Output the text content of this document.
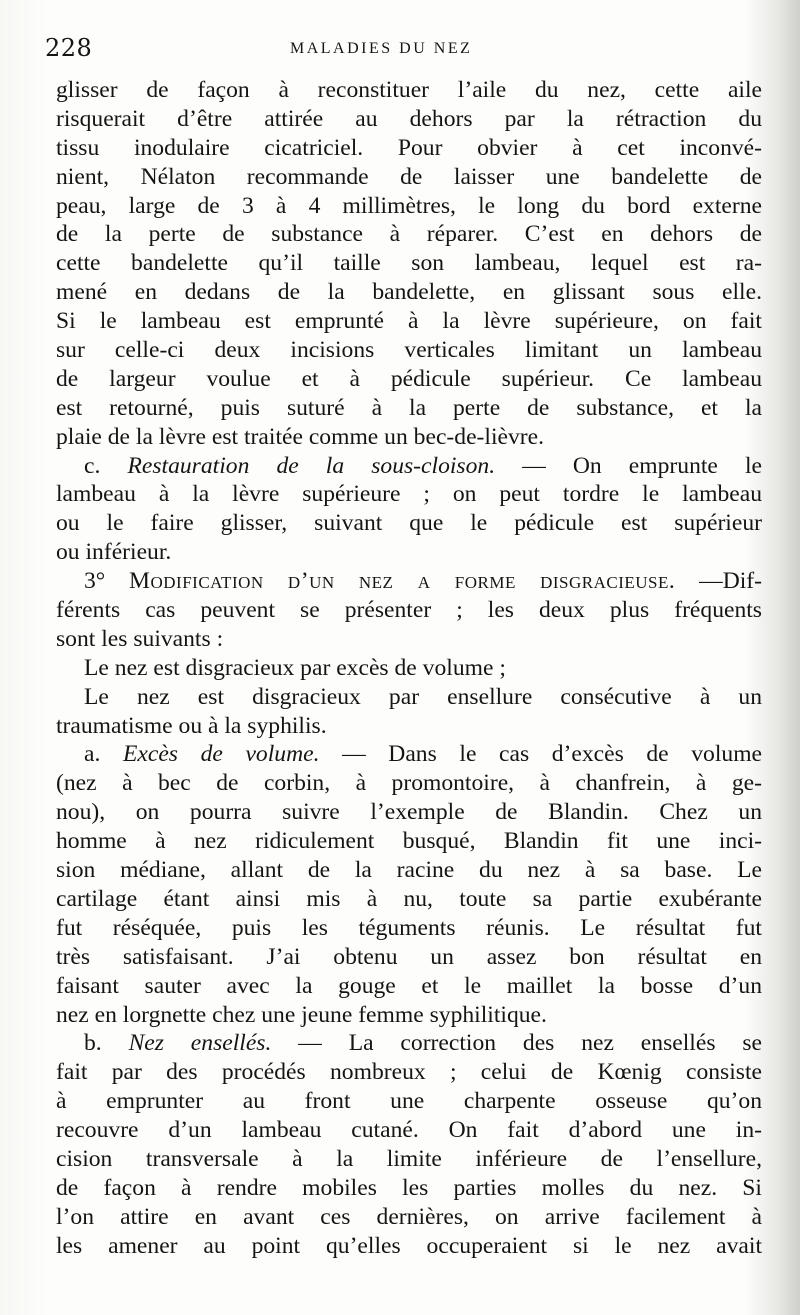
228	MALADIES DU NEZ
glisser de façon à reconstituer l’aile du nez, cette aile
risquerait d’être attirée au dehors par la rétraction du
tissu inodulaire cicatriciel. Pour obvier à cet inconvé-
nient, Nélaton recommande de laisser une bandelette de
peau, large de 3 à 4 millimètres, le long du bord externe
de la perte de substance à réparer. C’est en dehors de
cette bandelette qu’il taille son lambeau, lequel est ra-
mené en dedans de la bandelette, en glissant sous elle.
Si le lambeau est emprunté à la lèvre supérieure, on fait
sur celle-ci deux incisions verticales limitant un lambeau
de largeur voulue et à pédicule supérieur. Ce lambeau
est retourné, puis suturé à la perte de substance, et la
plaie de la lèvre est traitée comme un bec-de-lièvre.
c. Restauration de la sous-cloison. — On emprunte le
lambeau à la lèvre supérieure ; on peut tordre le lambeau
ou le faire glisser, suivant que le pédicule est supérieur
ou inférieur.
3° Modification d’un nez a forme disgracieuse. —Dif-
férents cas peuvent se présenter ; les deux plus fréquents
sont les suivants :
Le nez est disgracieux par excès de volume ;
Le nez est disgracieux par ensellure consécutive à un
traumatisme ou à la syphilis.
a. Excès de volume. — Dans le cas d’excès de volume
(nez à bec de corbin, à promontoire, à chanfrein, à ge-
nou), on pourra suivre l’exemple de Blandin. Chez un
homme à nez ridiculement busqué, Blandin fit une inci-
sion médiane, allant de la racine du nez à sa base. Le
cartilage étant ainsi mis à nu, toute sa partie exubérante
fut réséquée, puis les téguments réunis. Le résultat fut
très satisfaisant. J’ai obtenu un assez bon résultat en
faisant sauter avec la gouge et le maillet la bosse d’un
nez en lorgnette chez une jeune femme syphilitique.
b. Nez ensellés. — La correction des nez ensellés se
fait par des procédés nombreux ; celui de Kœnig consiste
à emprunter au front une charpente osseuse qu’on
recouvre d’un lambeau cutané. On fait d’abord une in-
cision transversale à la limite inférieure de l’ensellure,
de façon à rendre mobiles les parties molles du nez. Si
l’on attire en avant ces dernières, on arrive facilement à
les amener au point qu’elles occuperaient si le nez avait
